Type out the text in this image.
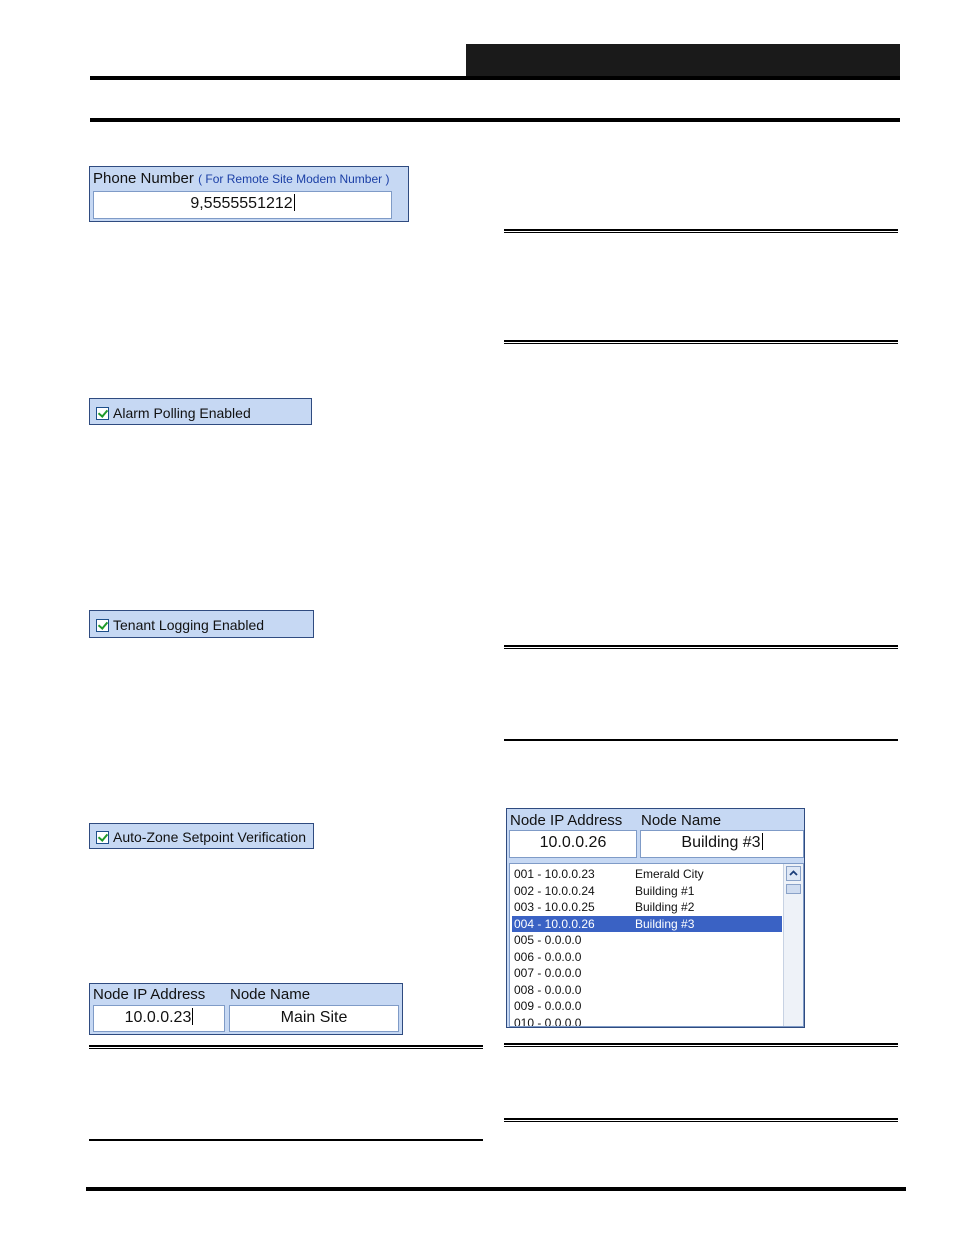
Phone Number ( For Remote Site Modem Number )
9,5555551212
Alarm Polling Enabled
Tenant Logging Enabled
Auto-Zone Setpoint Verification
Node IP Address Node Name
10.0.0.23	Main Site
Node IP Address Node Name
10.0.0.26	Building #3
001 - 10.0.0.23	Emerald City
002 - 10.0.0.24	Building #1
003 - 10.0.0.25	Building #2
004 - 10.0.0.26	Building #3
005 - 0.0.0.0
006 - 0.0.0.0
007 - 0.0.0.0
008 - 0.0.0.0
009 - 0.0.0.0
010 - 0.0.0.0
